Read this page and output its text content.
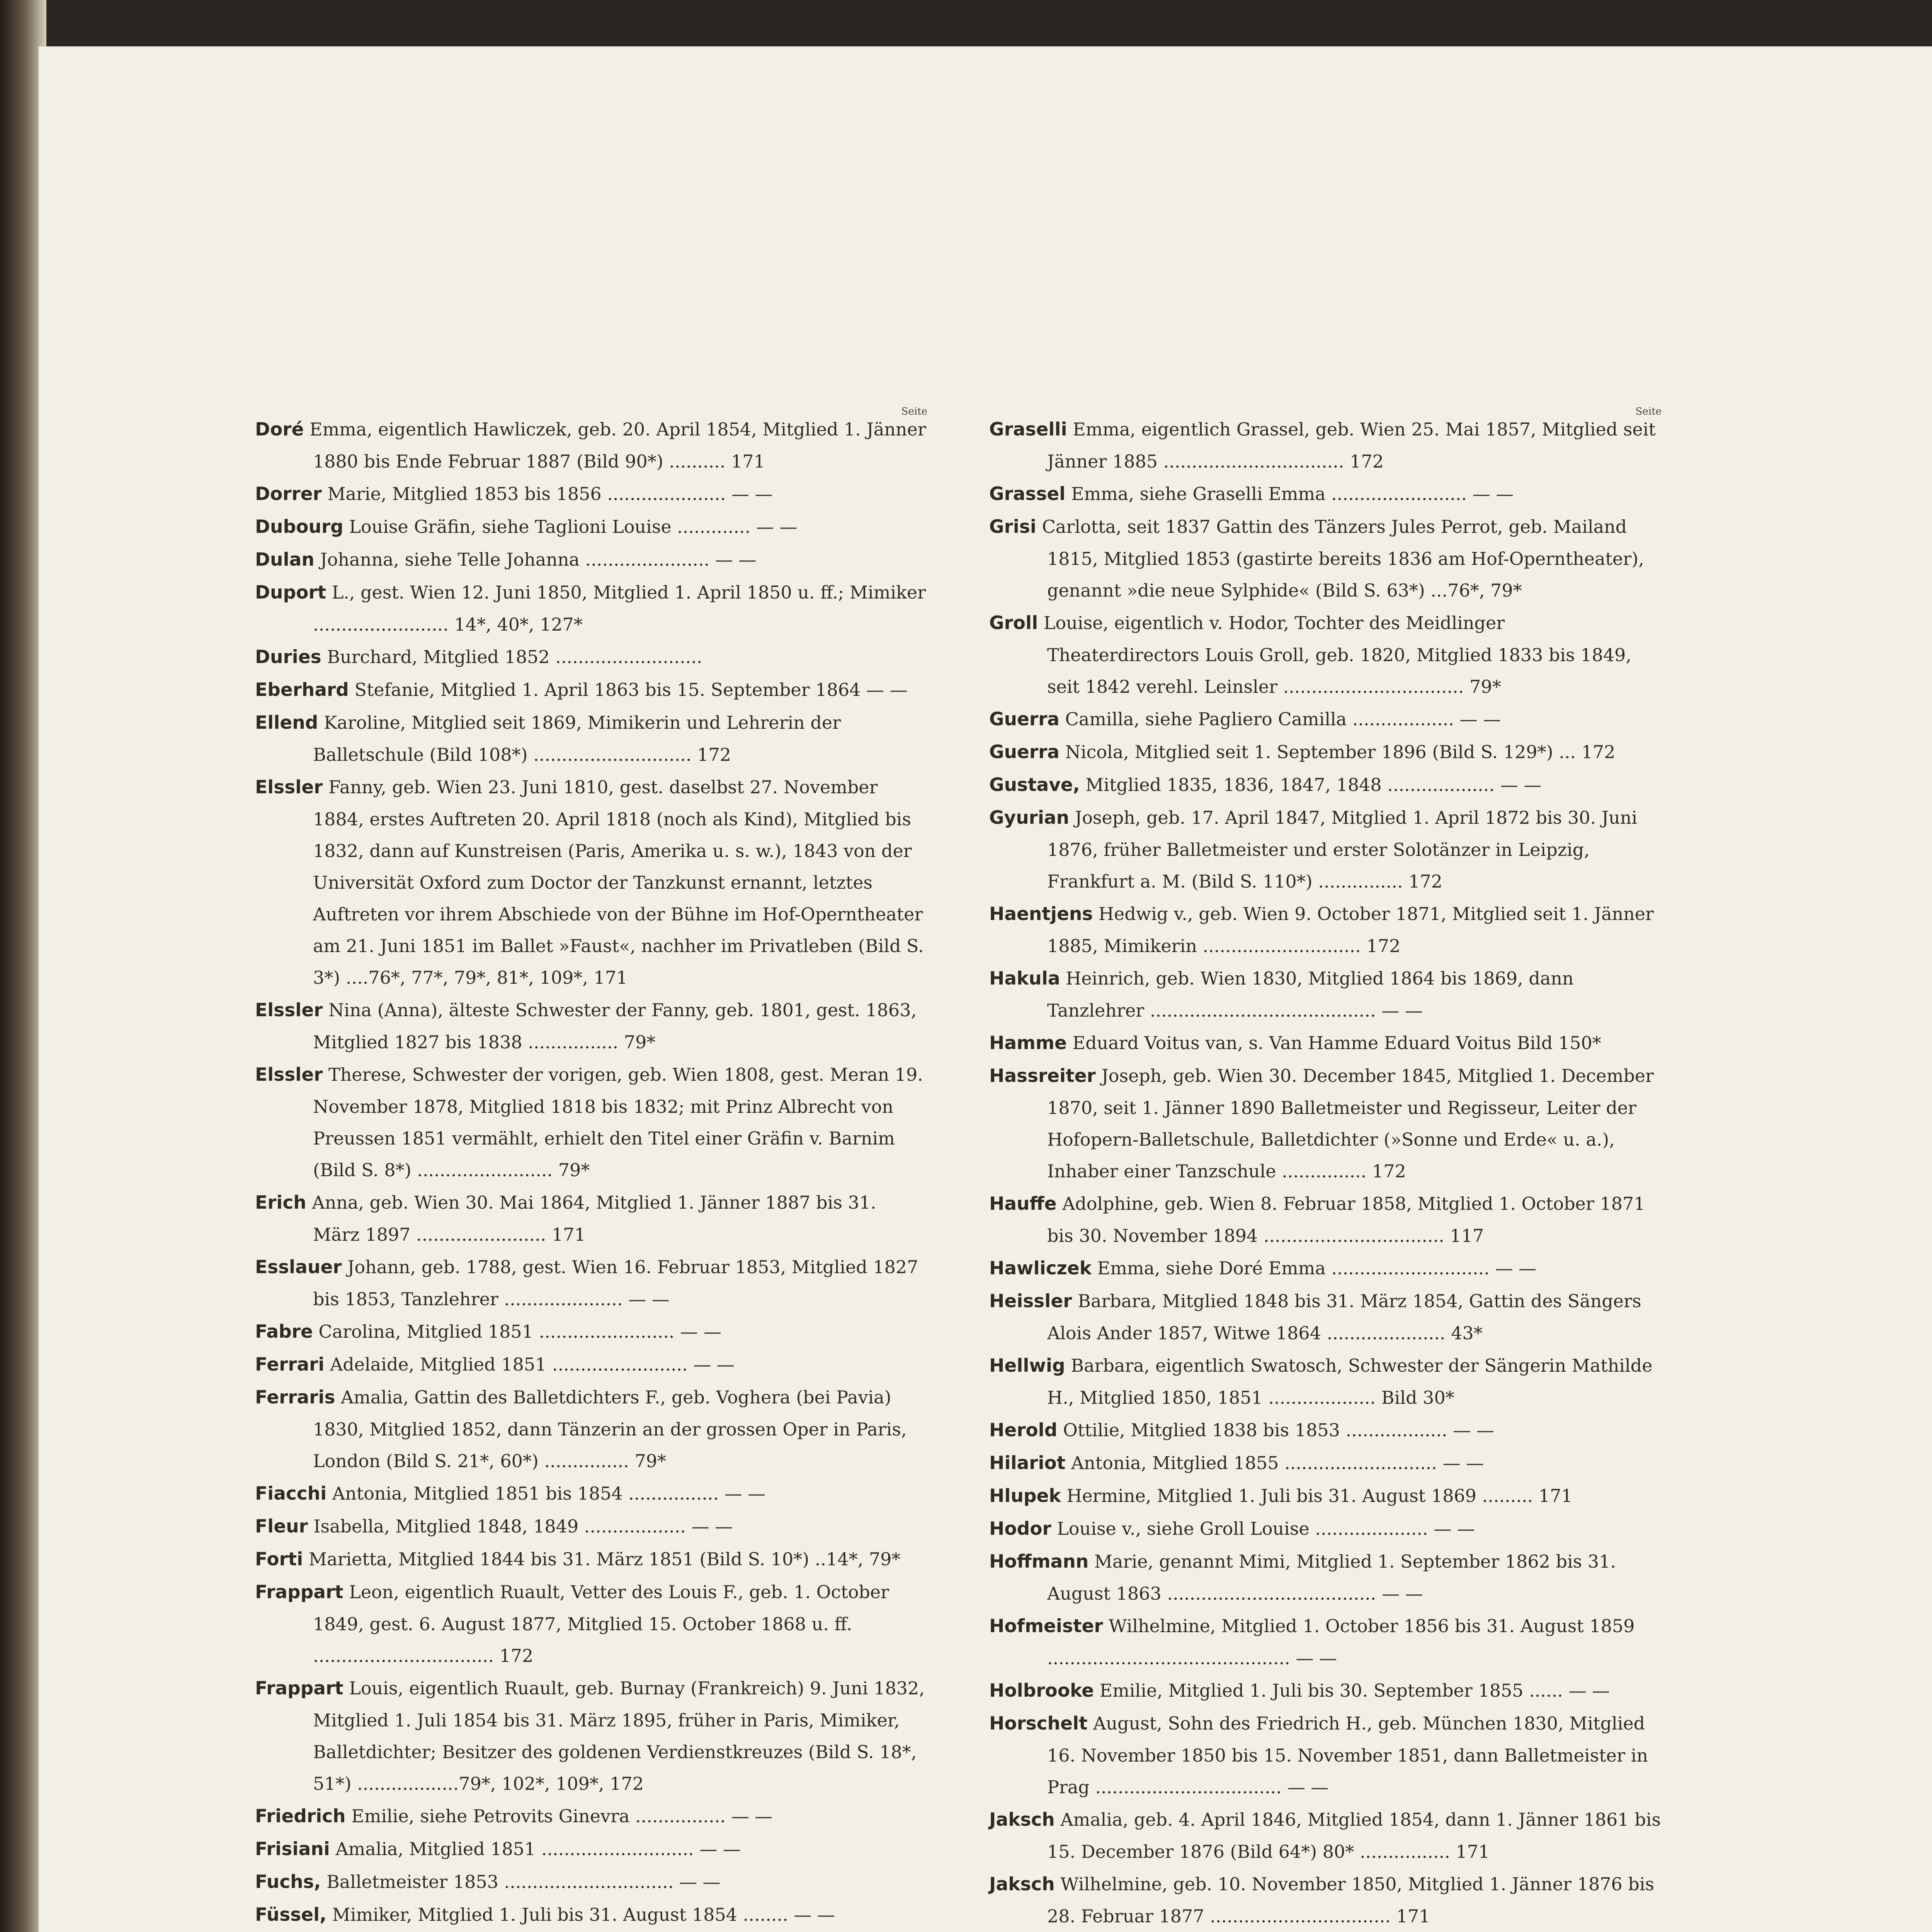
Seite
Doré Emma, eigentlich Hawliczek, geb. 20. April 1854, Mitglied 1. Jänner 1880 bis Ende Februar 1887 (Bild 90*) .......... 171
Dorrer Marie, Mitglied 1853 bis 1856 ..................... — —
Dubourg Louise Gräfin, siehe Taglioni Louise ............. — —
Dulan Johanna, siehe Telle Johanna ...................... — —
Duport L., gest. Wien 12. Juni 1850, Mitglied 1. April 1850 u. ff.; Mimiker ........................ 14*, 40*, 127*
Duries Burchard, Mitglied 1852 ..........................
Eberhard Stefanie, Mitglied 1. April 1863 bis 15. September 1864 — —
Ellend Karoline, Mitglied seit 1869, Mimikerin und Lehrerin der Balletschule (Bild 108*) ............................ 172
Elssler Fanny, geb. Wien 23. Juni 1810, gest. daselbst 27. November 1884, erstes Auftreten 20. April 1818 (noch als Kind), Mitglied bis 1832, dann auf Kunstreisen (Paris, Amerika u. s. w.), 1843 von der Universität Oxford zum Doctor der Tanzkunst ernannt, letztes Auftreten vor ihrem Abschiede von der Bühne im Hof-Operntheater am 21. Juni 1851 im Ballet »Faust«, nachher im Privatleben (Bild S. 3*) ....76*, 77*, 79*, 81*, 109*, 171
Elssler Nina (Anna), älteste Schwester der Fanny, geb. 1801, gest. 1863, Mitglied 1827 bis 1838 ................ 79*
Elssler Therese, Schwester der vorigen, geb. Wien 1808, gest. Meran 19. November 1878, Mitglied 1818 bis 1832; mit Prinz Albrecht von Preussen 1851 vermählt, erhielt den Titel einer Gräfin v. Barnim (Bild S. 8*) ........................ 79*
Erich Anna, geb. Wien 30. Mai 1864, Mitglied 1. Jänner 1887 bis 31. März 1897 ....................... 171
Esslauer Johann, geb. 1788, gest. Wien 16. Februar 1853, Mitglied 1827 bis 1853, Tanzlehrer ..................... — —
Fabre Carolina, Mitglied 1851 ........................ — —
Ferrari Adelaide, Mitglied 1851 ........................ — —
Ferraris Amalia, Gattin des Balletdichters F., geb. Voghera (bei Pavia) 1830, Mitglied 1852, dann Tänzerin an der grossen Oper in Paris, London (Bild S. 21*, 60*) ............... 79*
Fiacchi Antonia, Mitglied 1851 bis 1854 ................ — —
Fleur Isabella, Mitglied 1848, 1849 .................. — —
Forti Marietta, Mitglied 1844 bis 31. März 1851 (Bild S. 10*) ..14*, 79*
Frappart Leon, eigentlich Ruault, Vetter des Louis F., geb. 1. October 1849, gest. 6. August 1877, Mitglied 15. October 1868 u. ff. ................................ 172
Frappart Louis, eigentlich Ruault, geb. Burnay (Frankreich) 9. Juni 1832, Mitglied 1. Juli 1854 bis 31. März 1895, früher in Paris, Mimiker, Balletdichter; Besitzer des goldenen Verdienstkreuzes (Bild S. 18*, 51*) ..................79*, 102*, 109*, 172
Friedrich Emilie, siehe Petrovits Ginevra ................ — —
Frisiani Amalia, Mitglied 1851 ........................... — —
Fuchs, Balletmeister 1853 .............................. — —
Füssel, Mimiker, Mitglied 1. Juli bis 31. August 1854 ........ — —
Seite
Graselli Emma, eigentlich Grassel, geb. Wien 25. Mai 1857, Mitglied seit Jänner 1885 ................................ 172
Grassel Emma, siehe Graselli Emma ........................ — —
Grisi Carlotta, seit 1837 Gattin des Tänzers Jules Perrot, geb. Mailand 1815, Mitglied 1853 (gastirte bereits 1836 am Hof-Operntheater), genannt »die neue Sylphide« (Bild S. 63*) ...76*, 79*
Groll Louise, eigentlich v. Hodor, Tochter des Meidlinger Theaterdirectors Louis Groll, geb. 1820, Mitglied 1833 bis 1849, seit 1842 verehl. Leinsler ................................ 79*
Guerra Camilla, siehe Pagliero Camilla .................. — —
Guerra Nicola, Mitglied seit 1. September 1896 (Bild S. 129*) ... 172
Gustave, Mitglied 1835, 1836, 1847, 1848 ................... — —
Gyurian Joseph, geb. 17. April 1847, Mitglied 1. April 1872 bis 30. Juni 1876, früher Balletmeister und erster Solotänzer in Leipzig, Frankfurt a. M. (Bild S. 110*) ............... 172
Haentjens Hedwig v., geb. Wien 9. October 1871, Mitglied seit 1. Jänner 1885, Mimikerin ............................ 172
Hakula Heinrich, geb. Wien 1830, Mitglied 1864 bis 1869, dann Tanzlehrer ........................................ — —
Hamme Eduard Voitus van, s. Van Hamme Eduard Voitus Bild 150*
Hassreiter Joseph, geb. Wien 30. December 1845, Mitglied 1. December 1870, seit 1. Jänner 1890 Balletmeister und Regisseur, Leiter der Hofopern-Balletschule, Balletdichter (»Sonne und Erde« u. a.), Inhaber einer Tanzschule ............... 172
Hauffe Adolphine, geb. Wien 8. Februar 1858, Mitglied 1. October 1871 bis 30. November 1894 ................................ 117
Hawliczek Emma, siehe Doré Emma ............................ — —
Heissler Barbara, Mitglied 1848 bis 31. März 1854, Gattin des Sängers Alois Ander 1857, Witwe 1864 ..................... 43*
Hellwig Barbara, eigentlich Swatosch, Schwester der Sängerin Mathilde H., Mitglied 1850, 1851 ................... Bild 30*
Herold Ottilie, Mitglied 1838 bis 1853 .................. — —
Hilariot Antonia, Mitglied 1855 ........................... — —
Hlupek Hermine, Mitglied 1. Juli bis 31. August 1869 ......... 171
Hodor Louise v., siehe Groll Louise .................... — —
Hoffmann Marie, genannt Mimi, Mitglied 1. September 1862 bis 31. August 1863 ..................................... — —
Hofmeister Wilhelmine, Mitglied 1. October 1856 bis 31. August 1859 ........................................... — —
Holbrooke Emilie, Mitglied 1. Juli bis 30. September 1855 ...... — —
Horschelt August, Sohn des Friedrich H., geb. München 1830, Mitglied 16. November 1850 bis 15. November 1851, dann Balletmeister in Prag ................................. — —
Jaksch Amalia, geb. 4. April 1846, Mitglied 1854, dann 1. Jänner 1861 bis 15. December 1876 (Bild 64*) 80* ................ 171
Jaksch Wilhelmine, geb. 10. November 1850, Mitglied 1. Jänner 1876 bis 28. Februar 1877 ................................ 171
